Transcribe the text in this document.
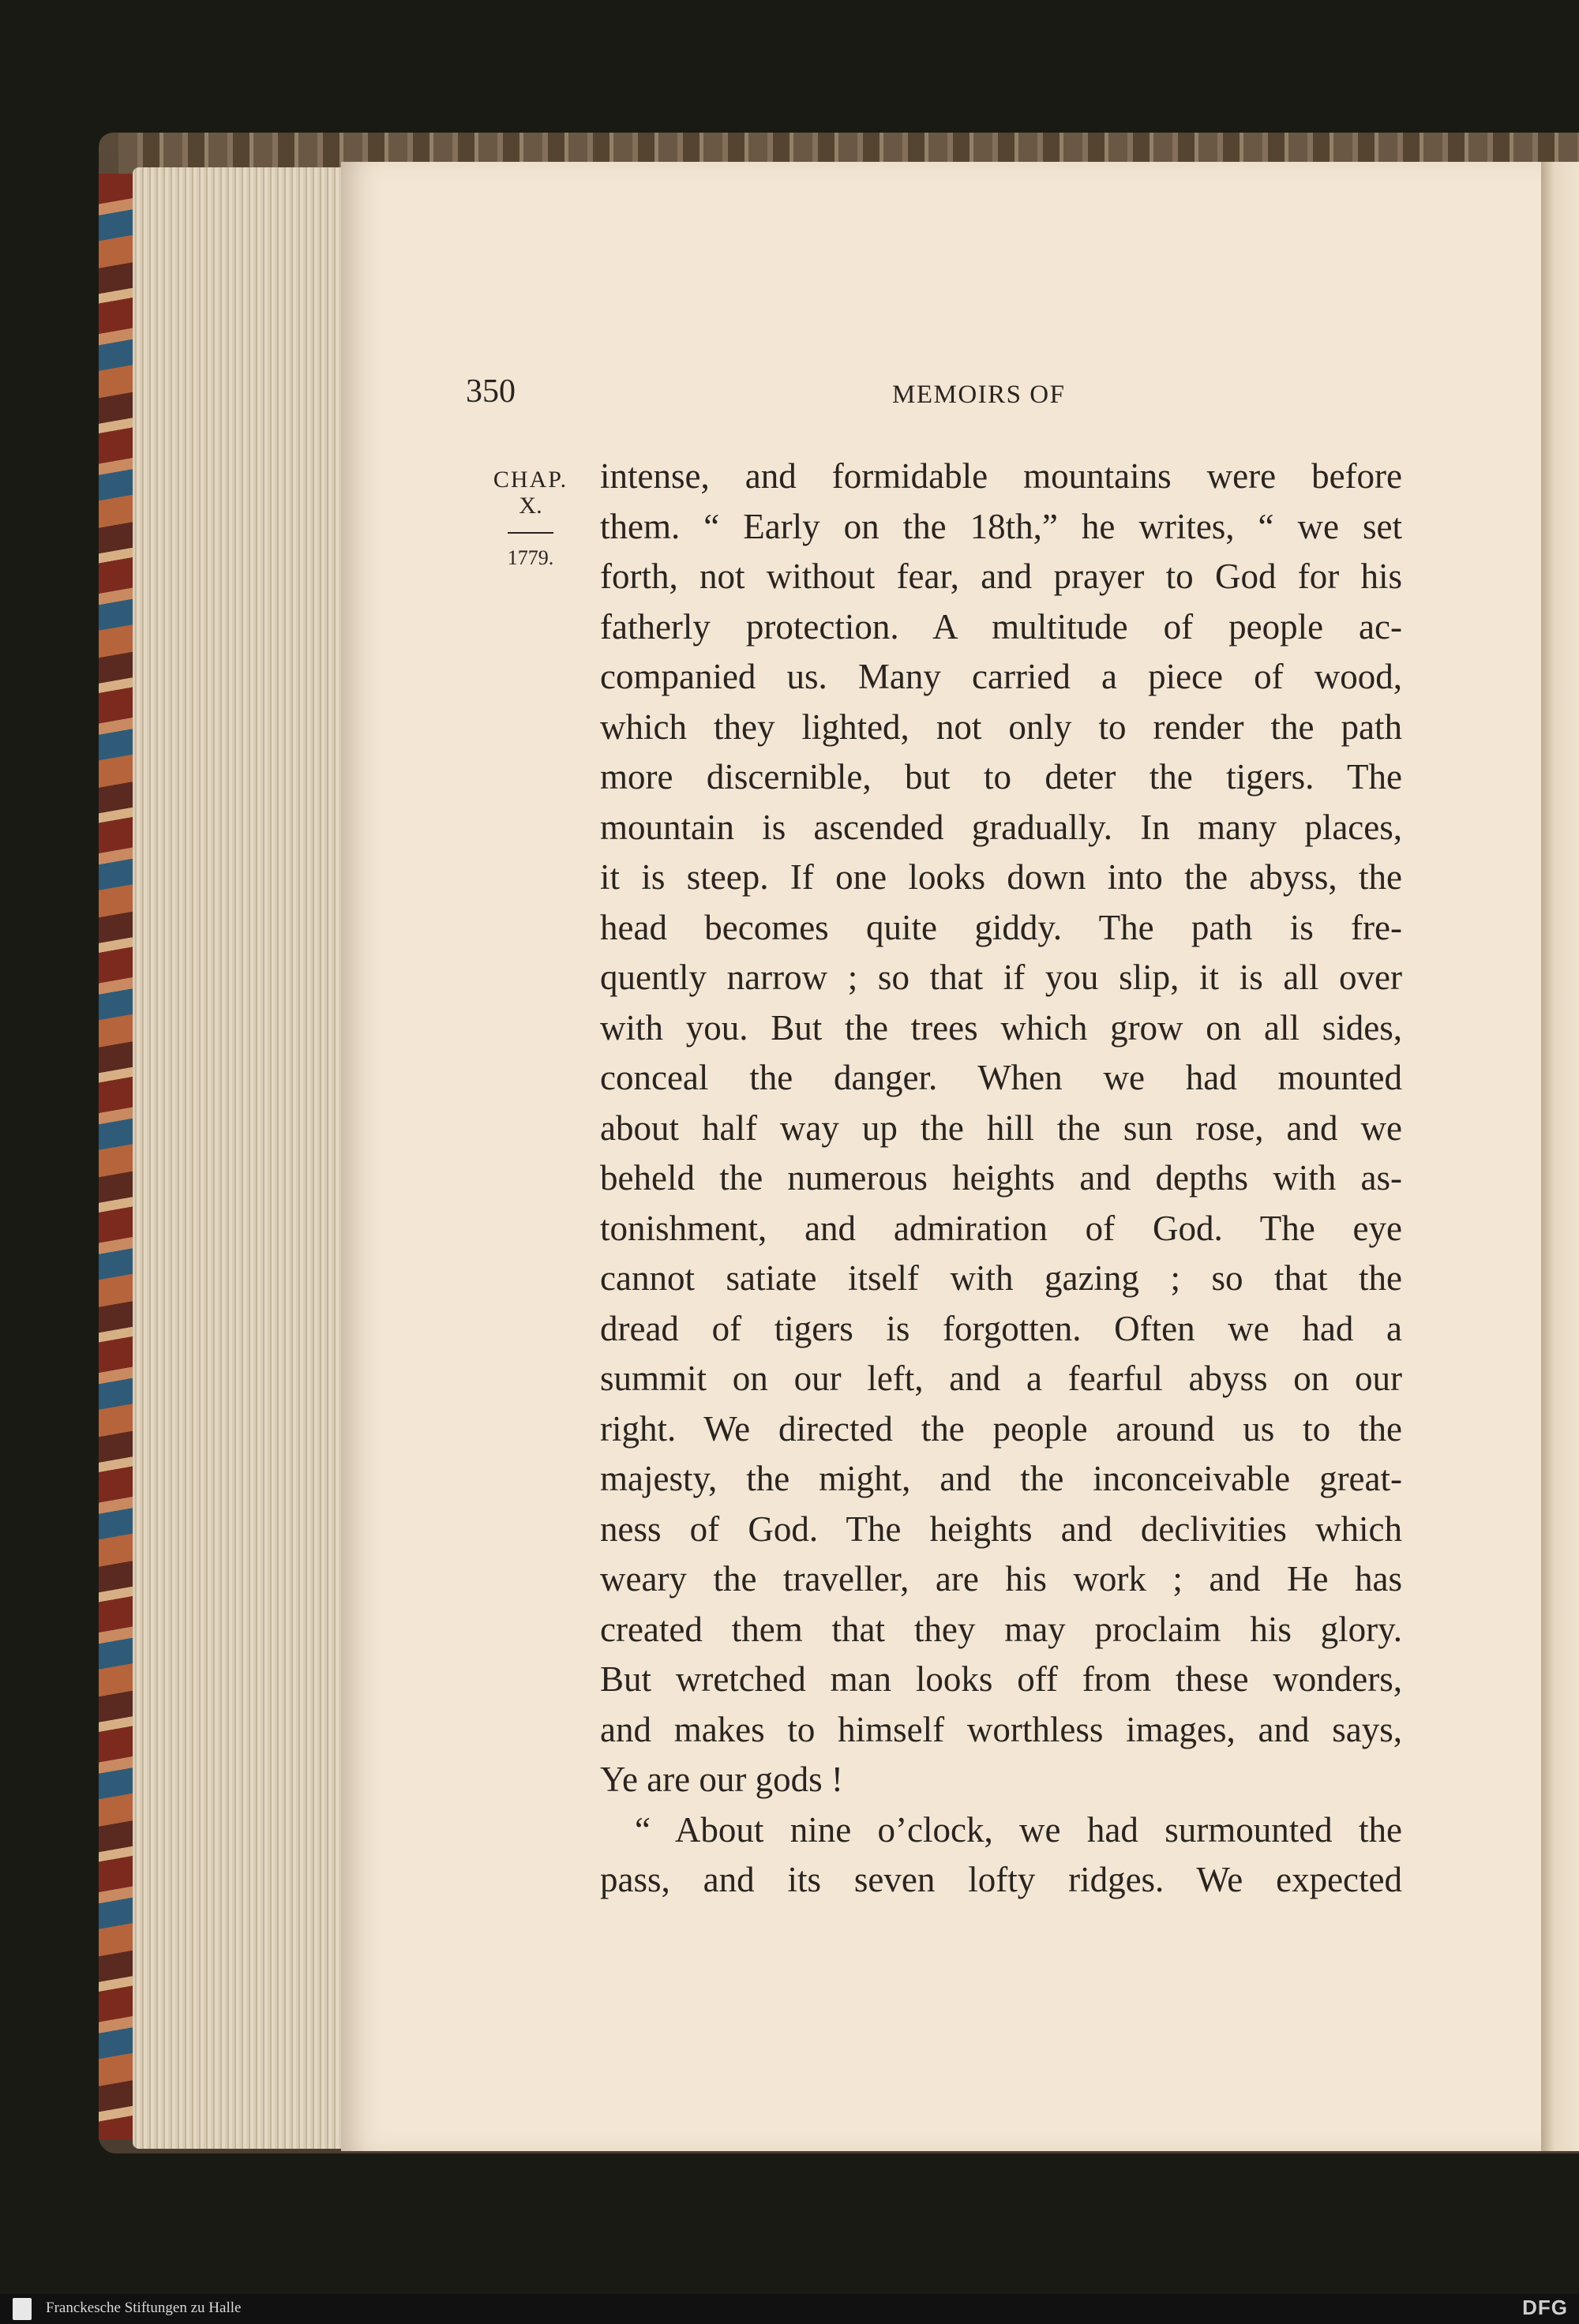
350	MEMOIRS OF
CHAP.
X.
1779.
intense, and formidable mountains were before
them. “ Early on the 18th,” he writes, “ we set
forth, not without fear, and prayer to God for his
fatherly protection. A multitude of people ac-
companied us. Many carried a piece of wood,
which they lighted, not only to render the path
more discernible, but to deter the tigers. The
mountain is ascended gradually. In many places,
it is steep. If one looks down into the abyss, the
head becomes quite giddy. The path is fre-
quently narrow ; so that if you slip, it is all over
with you. But the trees which grow on all sides,
conceal the danger. When we had mounted
about half way up the hill the sun rose, and we
beheld the numerous heights and depths with as-
tonishment, and admiration of God. The eye
cannot satiate itself with gazing ; so that the
dread of tigers is forgotten. Often we had a
summit on our left, and a fearful abyss on our
right. We directed the people around us to the
majesty, the might, and the inconceivable great-
ness of God. The heights and declivities which
weary the traveller, are his work ; and He has
created them that they may proclaim his glory.
But wretched man looks off from these wonders,
and makes to himself worthless images, and says,
Ye are our gods !
“ About nine o’clock, we had surmounted the
pass, and its seven lofty ridges. We expected
Franckesche Stiftungen zu Halle	DFG
